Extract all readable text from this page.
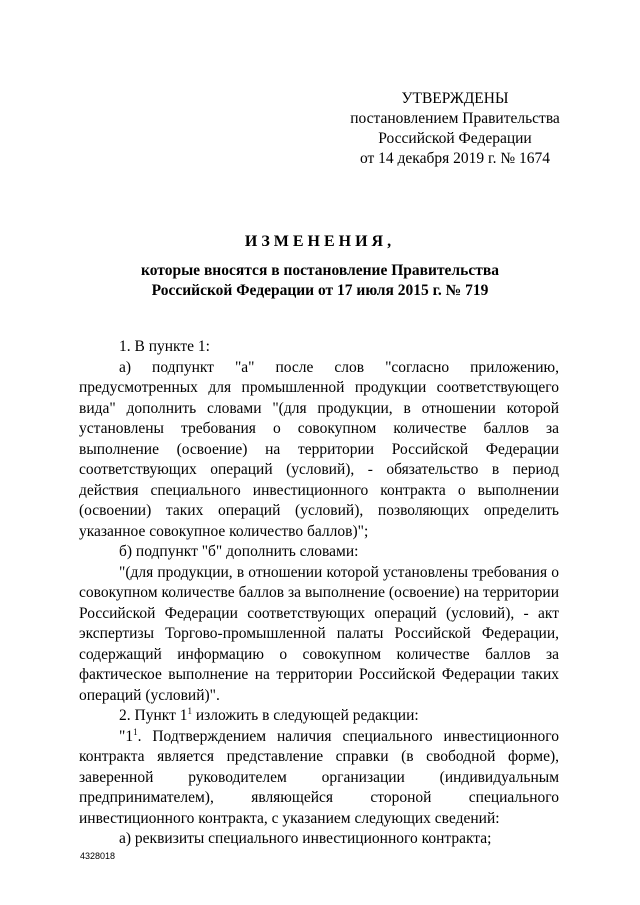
УТВЕРЖДЕНЫ
постановлением Правительства
Российской Федерации
от 14 декабря 2019 г. № 1674
ИЗМЕНЕНИЯ,
которые вносятся в постановление Правительства
Российской Федерации от 17 июля 2015 г. № 719

1. В пункте 1:

а) подпункт "а" после слов "согласно приложению, предусмотренных для промышленной продукции соответствующего вида" дополнить словами "(для продукции, в отношении которой установлены требования о совокупном количестве баллов за выполнение (освоение) на территории Российской Федерации соответствующих операций (условий), - обязательство в период действия специального инвестиционного контракта о выполнении (освоении) таких операций (условий), позволяющих определить указанное совокупное количество баллов)";

б) подпункт "б" дополнить словами:

"(для продукции, в отношении которой установлены требования о совокупном количестве баллов за выполнение (освоение) на территории Российской Федерации соответствующих операций (условий), - акт экспертизы Торгово-промышленной палаты Российской Федерации, содержащий информацию о совокупном количестве баллов за фактическое выполнение на территории Российской Федерации таких операций (условий)".

2. Пункт $1^1$ изложить в следующей редакции:

"$1^1$. Подтверждением наличия специального инвестиционного контракта является представление справки (в свободной форме), заверенной руководителем организации (индивидуальным предпринимателем), являющейся стороной специального инвестиционного контракта, с указанием следующих сведений:

а) реквизиты специального инвестиционного контракта;

4328018
